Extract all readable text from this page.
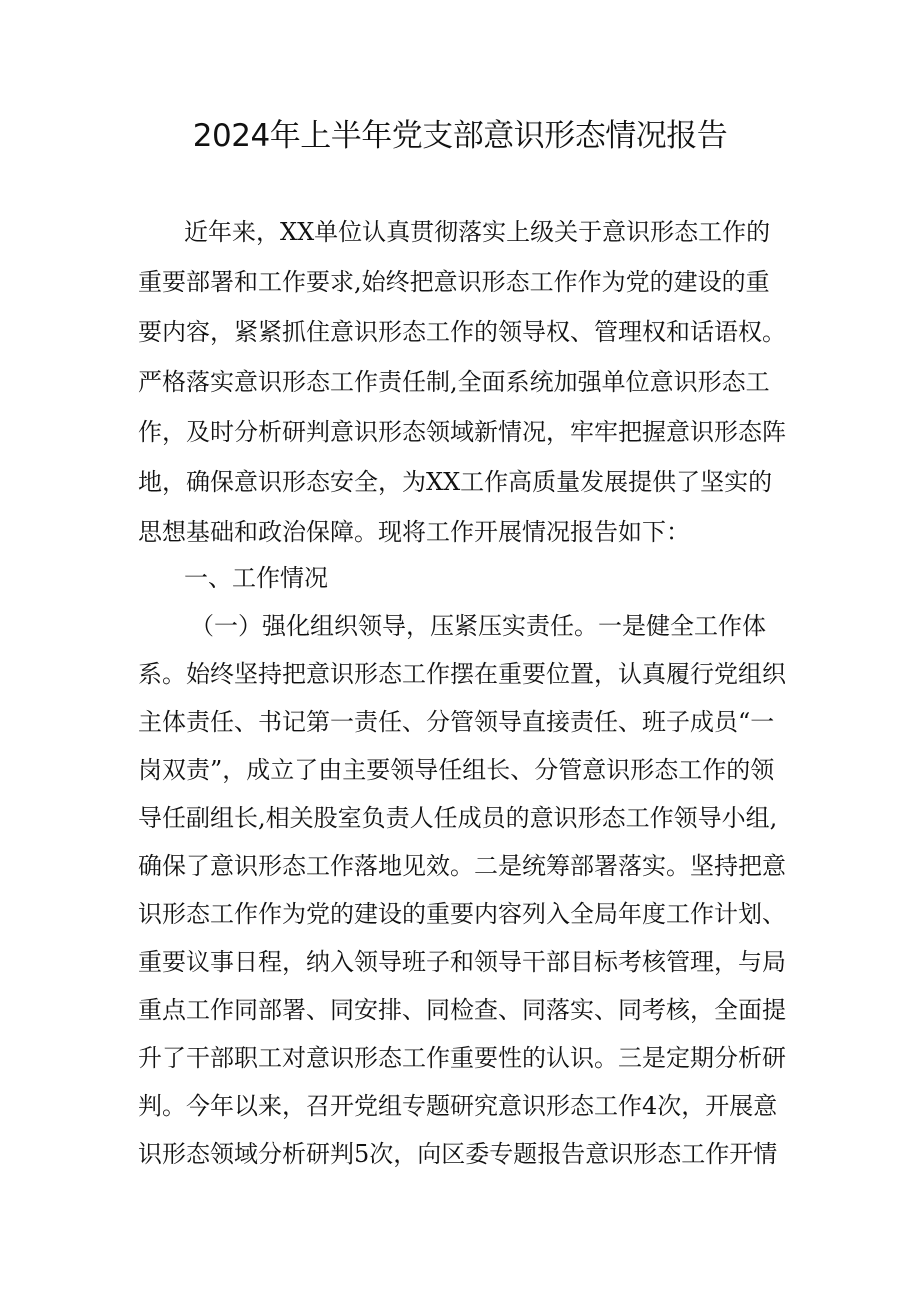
2024年上半年党支部意识形态情况报告
近年来，XX单位认真贯彻落实上级关于意识形态工作的
重要部署和工作要求,始终把意识形态工作作为党的建设的重
要内容，紧紧抓住意识形态工作的领导权、管理权和话语权。
严格落实意识形态工作责任制,全面系统加强单位意识形态工
作，及时分析研判意识形态领域新情况，牢牢把握意识形态阵
地，确保意识形态安全，为XX工作高质量发展提供了坚实的
思想基础和政治保障。现将工作开展情况报告如下：
一、工作情况
（一）强化组织领导，压紧压实责任。一是健全工作体
系。始终坚持把意识形态工作摆在重要位置，认真履行党组织
主体责任、书记第一责任、分管领导直接责任、班子成员“一
岗双责”，成立了由主要领导任组长、分管意识形态工作的领
导任副组长,相关股室负责人任成员的意识形态工作领导小组,
确保了意识形态工作落地见效。二是统筹部署落实。坚持把意
识形态工作作为党的建设的重要内容列入全局年度工作计划、
重要议事日程，纳入领导班子和领导干部目标考核管理，与局
重点工作同部署、同安排、同检查、同落实、同考核，全面提
升了干部职工对意识形态工作重要性的认识。三是定期分析研
判。今年以来，召开党组专题研究意识形态工作4次，开展意
识形态领域分析研判5次，向区委专题报告意识形态工作开情
